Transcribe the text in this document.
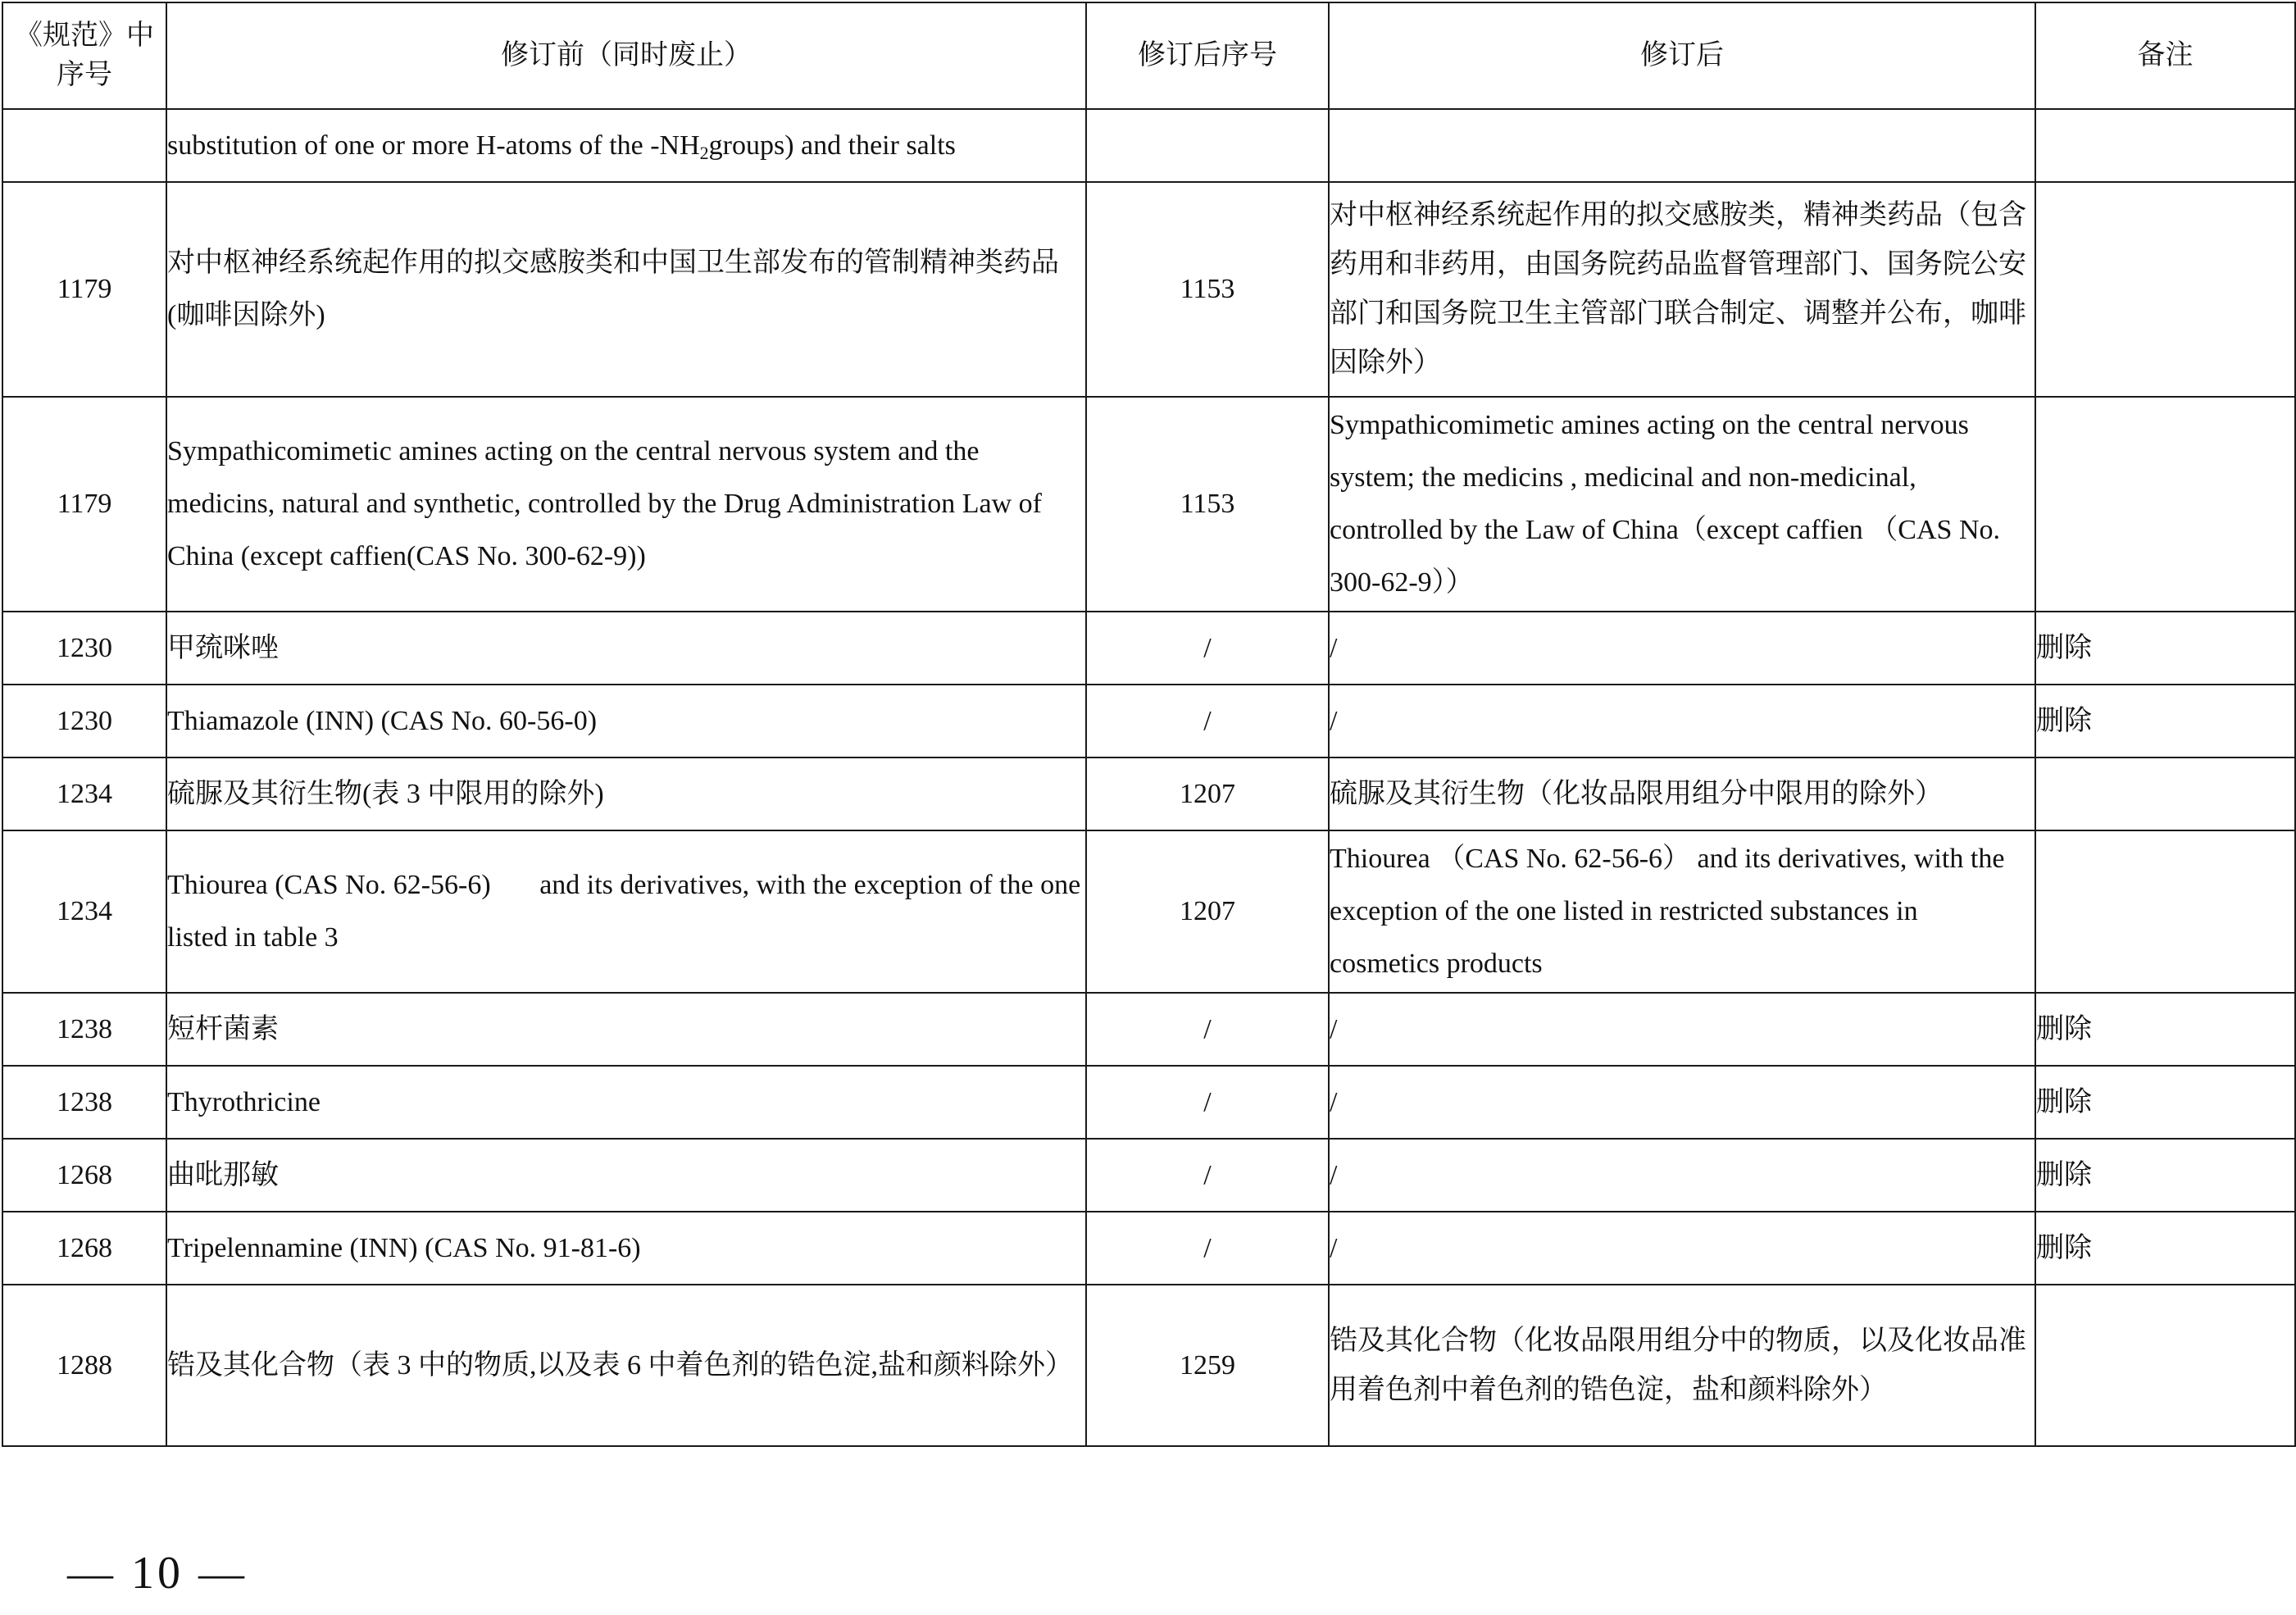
《规范》中序号	修订前（同时废止）	修订后序号	修订后	备注
	substitution of one or more H-atoms of the $-NH_2groups$) and their salts			
1179	对中枢神经系统起作用的拟交感胺类和中国卫生部发布的管制精神类药品(咖啡因除外)	1153	对中枢神经系统起作用的拟交感胺类，精神类药品（包含药用和非药用，由国务院药品监督管理部门、国务院公安部门和国务院卫生主管部门联合制定、调整并公布，咖啡因除外）	
1179	Sympathicomimetic amines acting on the central nervous system and the medicins, natural and synthetic, controlled by the Drug Administration Law of China (except caffien(CAS No. 300-62-9))	1153	Sympathicomimetic amines acting on the central nervous system; the medicins , medicinal and non-medicinal, controlled by the Law of China（except caffien （CAS No. 300-62-9））	
1230	甲巯咪唑	/	/	删除
1230	Thiamazole (INN) (CAS No. 60-56-0)	/	/	删除
1234	硫脲及其衍生物(表 3 中限用的除外)	1207	硫脲及其衍生物（化妆品限用组分中限用的除外）	
1234	Thiourea (CAS No. 62-56-6)       and its derivatives, with the exception of the one listed in table 3	1207	Thiourea （CAS No. 62-56-6） and its derivatives, with the exception of the one listed in restricted substances in cosmetics products	
1238	短杆菌素	/	/	删除
1238	Thyrothricine	/	/	删除
1268	曲吡那敏	/	/	删除
1268	Tripelennamine (INN) (CAS No. 91-81-6)	/	/	删除
1288	锆及其化合物（表 3 中的物质,以及表 6 中着色剂的锆色淀,盐和颜料除外）	1259	锆及其化合物（化妆品限用组分中的物质，以及化妆品准用着色剂中着色剂的锆色淀，盐和颜料除外）	
— 10 —
